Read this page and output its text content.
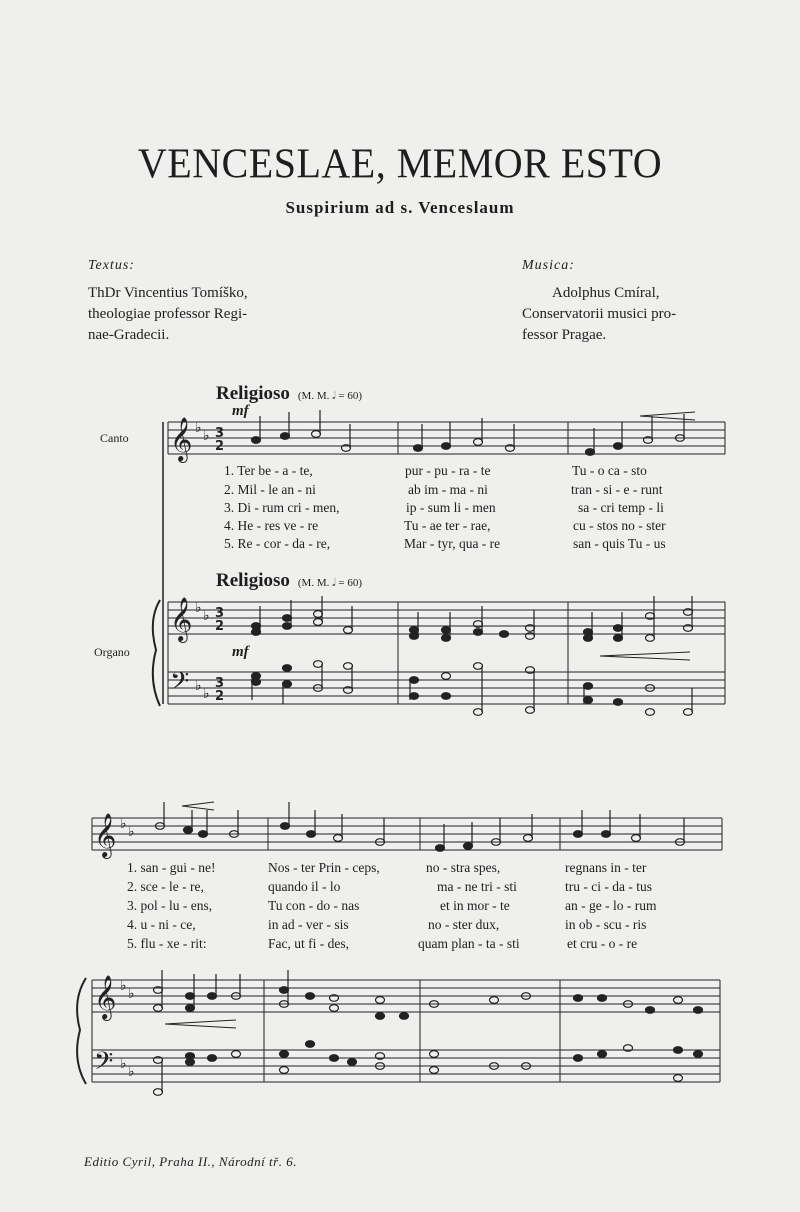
VENCESLAE, MEMOR ESTO
Suspirium ad s. Venceslaum
Textus:
ThDr Vincentius Tomíško,
theologiae professor Regi-
nae-Gradecii.
Musica:
Adolphus Cmíral,
Conservatorii musici pro-
fessor Pragae.
Religioso (M. M. 𝅗𝅥 = 60)
Canto
mf
1. Ter be - a - te,	pur - pu - ra - te	Tu - o ca - sto
2. Mil - le an - ni	ab im - ma - ni	tran - si - e - runt
3. Di - rum cri - men,	ip - sum li - men	sa - cri temp - li
4. He - res ve - re	Tu - ae ter - rae,	cu - stos no - ster
5. Re - cor - da - re,	Mar - tyr, qua - re	san - quis Tu - us
Religioso (M. M. 𝅗𝅥 = 60)
Organo	mf
1. san - gui - ne!	Nos - ter Prin - ceps,	no - stra spes,	regnans in - ter
2. sce - le - re,	quando il - lo	ma - ne tri - sti	tru - ci - da - tus
3. pol - lu - ens,	Tu con - do - nas	et in mor - te	an - ge - lo - rum
4. u - ni - ce,	in ad - ver - sis	no - ster dux,	in ob - scu - ris
5. flu - xe - rit:	Fac, ut fi - des,	quam plan - ta - sti	et cru - o - re
𝄞 ♭ ♭ 3
2
𝄞 ♭ ♭ 3
2
𝄢 ♭ ♭
3
2
𝄞 ♭ ♭
𝄞 ♭ ♭
𝄢 ♭ ♭
Editio Cyril, Praha II., Národní tř. 6.
